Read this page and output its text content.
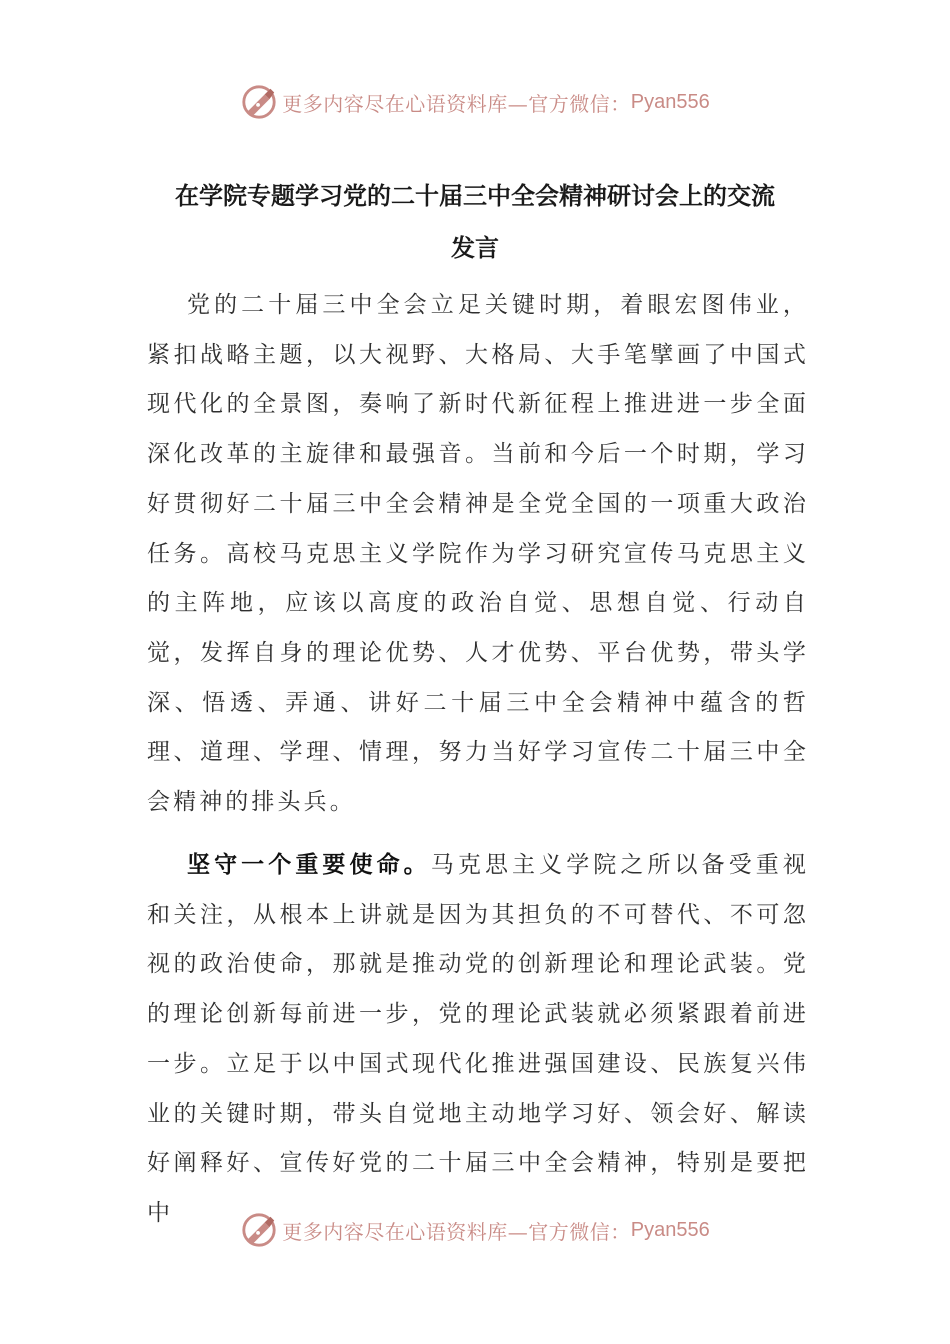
更多内容尽在心语资料库—官方微信： Pyan556
在学院专题学习党的二十届三中全会精神研讨会上的交流
发言

党的二十届三中全会立足关键时期，着眼宏图伟业，紧扣战略主题，以大视野、大格局、大手笔擘画了中国式现代化的全景图，奏响了新时代新征程上推进进一步全面深化改革的主旋律和最强音。当前和今后一个时期，学习好贯彻好二十届三中全会精神是全党全国的一项重大政治任务。高校马克思主义学院作为学习研究宣传马克思主义的主阵地，应该以高度的政治自觉、思想自觉、行动自觉，发挥自身的理论优势、人才优势、平台优势，带头学深、悟透、弄通、讲好二十届三中全会精神中蕴含的哲理、道理、学理、情理，努力当好学习宣传二十届三中全会精神的排头兵。

坚守一个重要使命。马克思主义学院之所以备受重视和关注，从根本上讲就是因为其担负的不可替代、不可忽视的政治使命，那就是推动党的创新理论和理论武装。党的理论创新每前进一步，党的理论武装就必须紧跟着前进一步。立足于以中国式现代化推进强国建设、民族复兴伟业的关键时期，带头自觉地主动地学习好、领会好、解读好阐释好、宣传好党的二十届三中全会精神，特别是要把中

更多内容尽在心语资料库—官方微信： Pyan556
